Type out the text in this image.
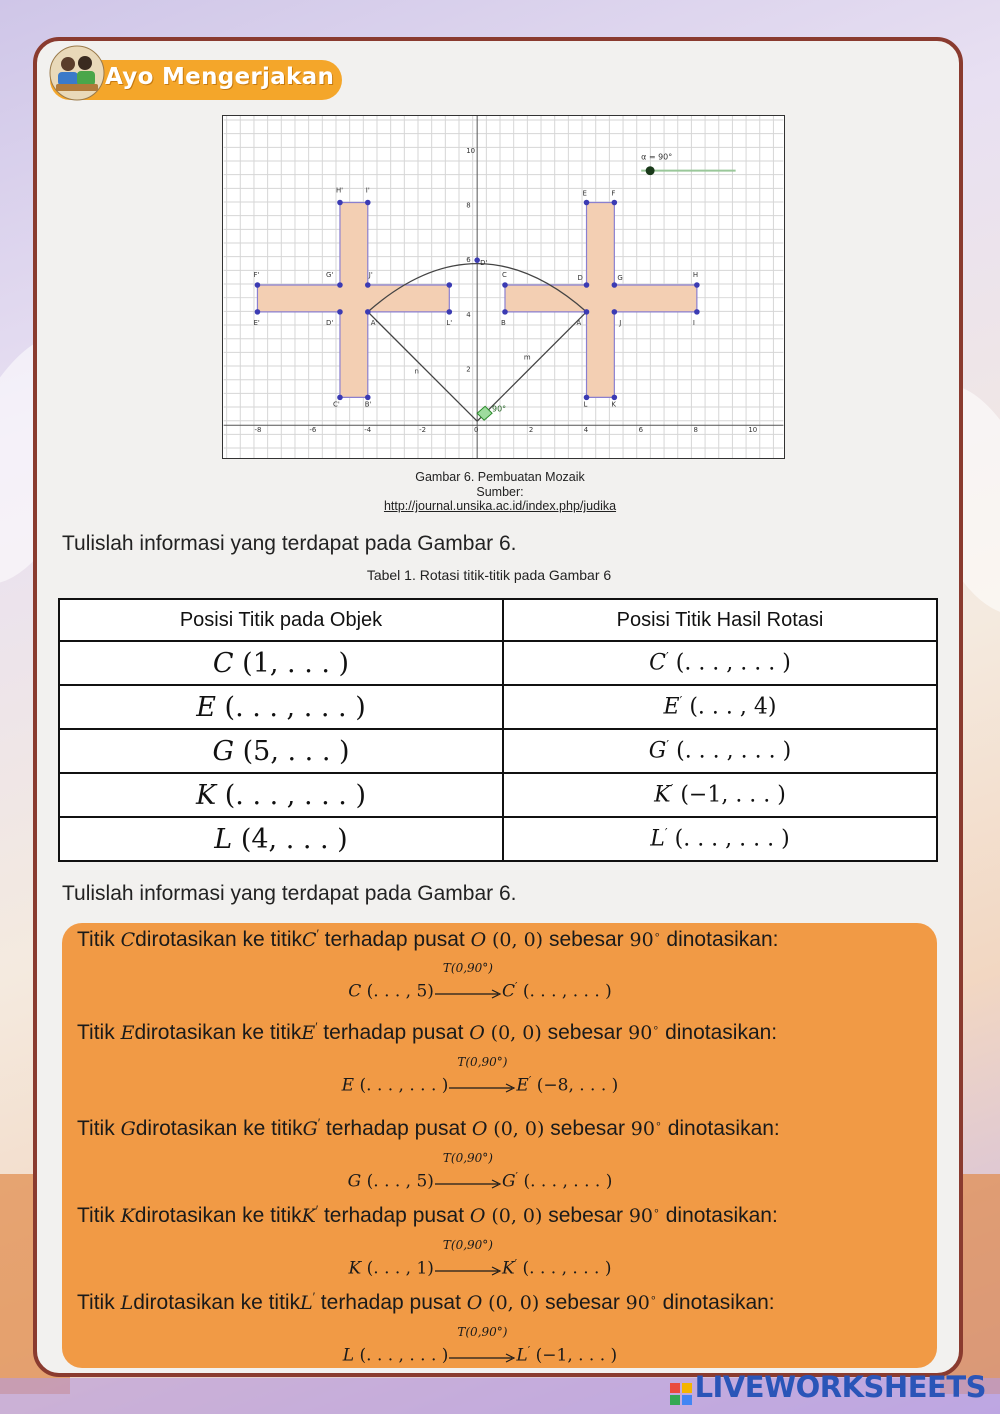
Ayo Mengerjakan
90°
α = 90°
-8	-6	-4	-2	0	2	4	6	8	10
10
8
6
4
2
H'	I'
F'	G'	J'
E'	D'	A'	L'
C'	B'
E	F
D	G	H
A	J	I
B
L	K
D'
C
n
m
Gambar 6. Pembuatan Mozaik
Sumber:
http://journal.unsika.ac.id/index.php/judika
Tulislah informasi yang terdapat pada Gambar 6.
Tabel 1. Rotasi titik-titik pada Gambar 6
Posisi Titik pada Objek	Posisi Titik Hasil Rotasi
C (1, . . . )	C′ (. . . , . . . )
E (. . . , . . . )	E′ (. . . , 4)
G (5, . . . )	G′ (. . . , . . . )
K (. . . , . . . )	K′ (−1, . . . )
L (4, . . . )	L′ (. . . , . . . )
Tulislah informasi yang terdapat pada Gambar 6.
Titik Cdirotasikan ke titikC′ terhadap pusat O (0, 0) sebesar 90∘ dinotasikan:
C (. . . , 5)
T(0,90°)
C′ (. . . , . . . )
Titik Edirotasikan ke titikE′ terhadap pusat O (0, 0) sebesar 90∘ dinotasikan:
E (. . . , . . . )
T(0,90°)
E′ (−8, . . . )
Titik Gdirotasikan ke titikG′ terhadap pusat O (0, 0) sebesar 90∘ dinotasikan:
G (. . . , 5)
T(0,90°)
G′ (. . . , . . . )
Titik Kdirotasikan ke titikK′ terhadap pusat O (0, 0) sebesar 90∘ dinotasikan:
K (. . . , 1)
T(0,90°)
K′ (. . . , . . . )
Titik Ldirotasikan ke titikL′ terhadap pusat O (0, 0) sebesar 90∘ dinotasikan:
L (. . . , . . . )
T(0,90°)
L′ (−1, . . . )
LIVEWORKSHEETS
